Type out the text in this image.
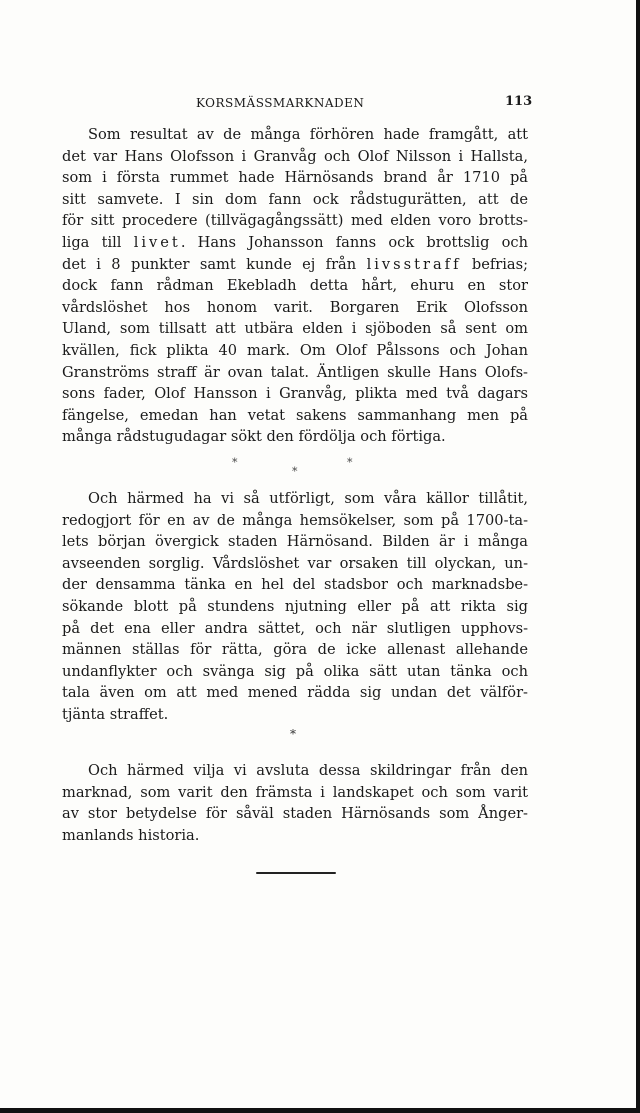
KORSMÄSSMARKNADEN	113
Som resultat av de många förhören hade framgått, att
det var Hans Olofsson i Granvåg och Olof Nilsson i Hallsta,
som i första rummet hade Härnösands brand år 1710 på
sitt samvete. I sin dom fann ock rådstugurätten, att de
för sitt procedere (tillvägagångssätt) med elden voro brotts-
liga till livet. Hans Johansson fanns ock brottslig och
det i 8 punkter samt kunde ej från livsstraff befrias;
dock fann rådman Ekebladh detta hårt, ehuru en stor
vårdslöshet hos honom varit. Borgaren Erik Olofsson
Uland, som tillsatt att utbära elden i sjöboden så sent om
kvällen, fick plikta 40 mark. Om Olof Pålssons och Johan
Granströms straff är ovan talat. Äntligen skulle Hans Olofs-
sons fader, Olof Hansson i Granvåg, plikta med två dagars
fängelse, emedan han vetat sakens sammanhang men på
många rådstugudagar sökt den fördölja och förtiga.
*	*
*
Och härmed ha vi så utförligt, som våra källor tillåtit,
redogjort för en av de många hemsökelser, som på 1700-ta-
lets början övergick staden Härnösand. Bilden är i många
avseenden sorglig. Vårdslöshet var orsaken till olyckan, un-
der densamma tänka en hel del stadsbor och marknadsbe-
sökande blott på stundens njutning eller på att rikta sig
på det ena eller andra sättet, och när slutligen upphovs-
männen ställas för rätta, göra de icke allenast allehande
undanflykter och svänga sig på olika sätt utan tänka och
tala även om att med mened rädda sig undan det välför-
tjänta straffet.
*
Och härmed vilja vi avsluta dessa skildringar från den
marknad, som varit den främsta i landskapet och som varit
av stor betydelse för såväl staden Härnösands som Ånger-
manlands historia.
